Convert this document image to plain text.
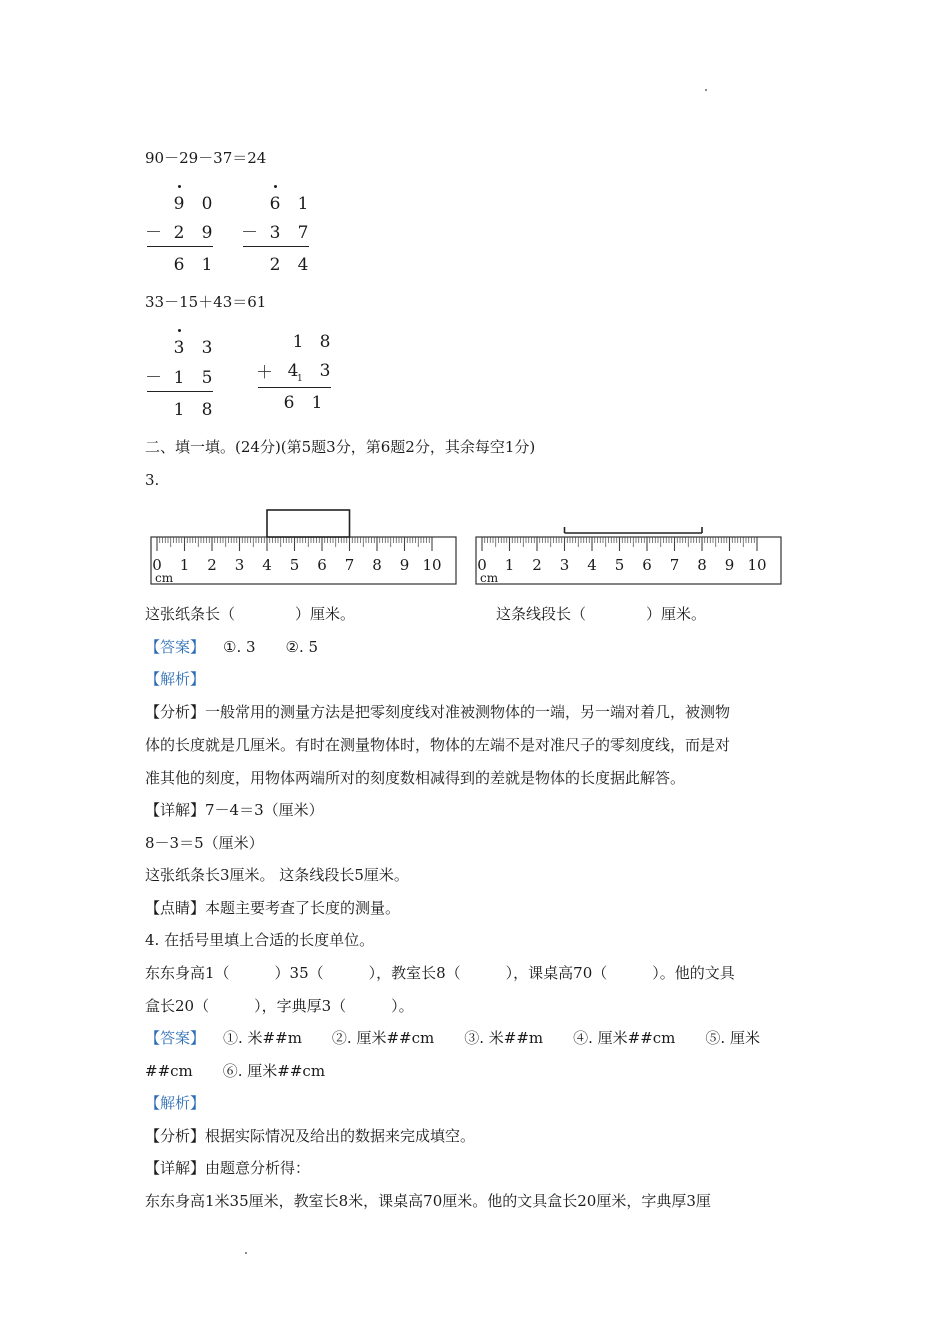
90－29－37＝24
9 0
－ 2 9
6 1
6 1
－ 3 7
2 4
33－15＋43＝61
3 3
－ 1 5
1 8
1 8
＋ 4
1 3
6 1
二、填一填。(24分)(第5题3分，第6题2分，其余每空1分)
3.
0 1 2 3 4 5 6 7 8 9 10
cm
0 1 2 3 4 5 6 7 8 9 10
cm
这张纸条长（　　　　）厘米。	这条线段长（　　　　）厘米。
【答案】 ①. 3　　②. 5
【解析】
【分析】一般常用的测量方法是把零刻度线对准被测物体的一端，另一端对着几，被测物
体的长度就是几厘米。有时在测量物体时，物体的左端不是对准尺子的零刻度线，而是对
准其他的刻度，用物体两端所对的刻度数相减得到的差就是物体的长度据此解答。
【详解】7－4＝3（厘米）
8－3＝5（厘米）
这张纸条长3厘米。 这条线段长5厘米。
【点睛】本题主要考查了长度的测量。
4. 在括号里填上合适的长度单位。
东东身高1（　　　）35（　　　），教室长8（　　　），课桌高70（　　　）。他的文具
盒长20（　　　），字典厚3（　　　）。
【答案】 ①. 米##m　　②. 厘米##cm　　③. 米##m　　④. 厘米##cm　　⑤. 厘米
##cm　　⑥. 厘米##cm
【解析】
【分析】根据实际情况及给出的数据来完成填空。
【详解】由题意分析得：
东东身高1米35厘米，教室长8米，课桌高70厘米。他的文具盒长20厘米，字典厚3厘
